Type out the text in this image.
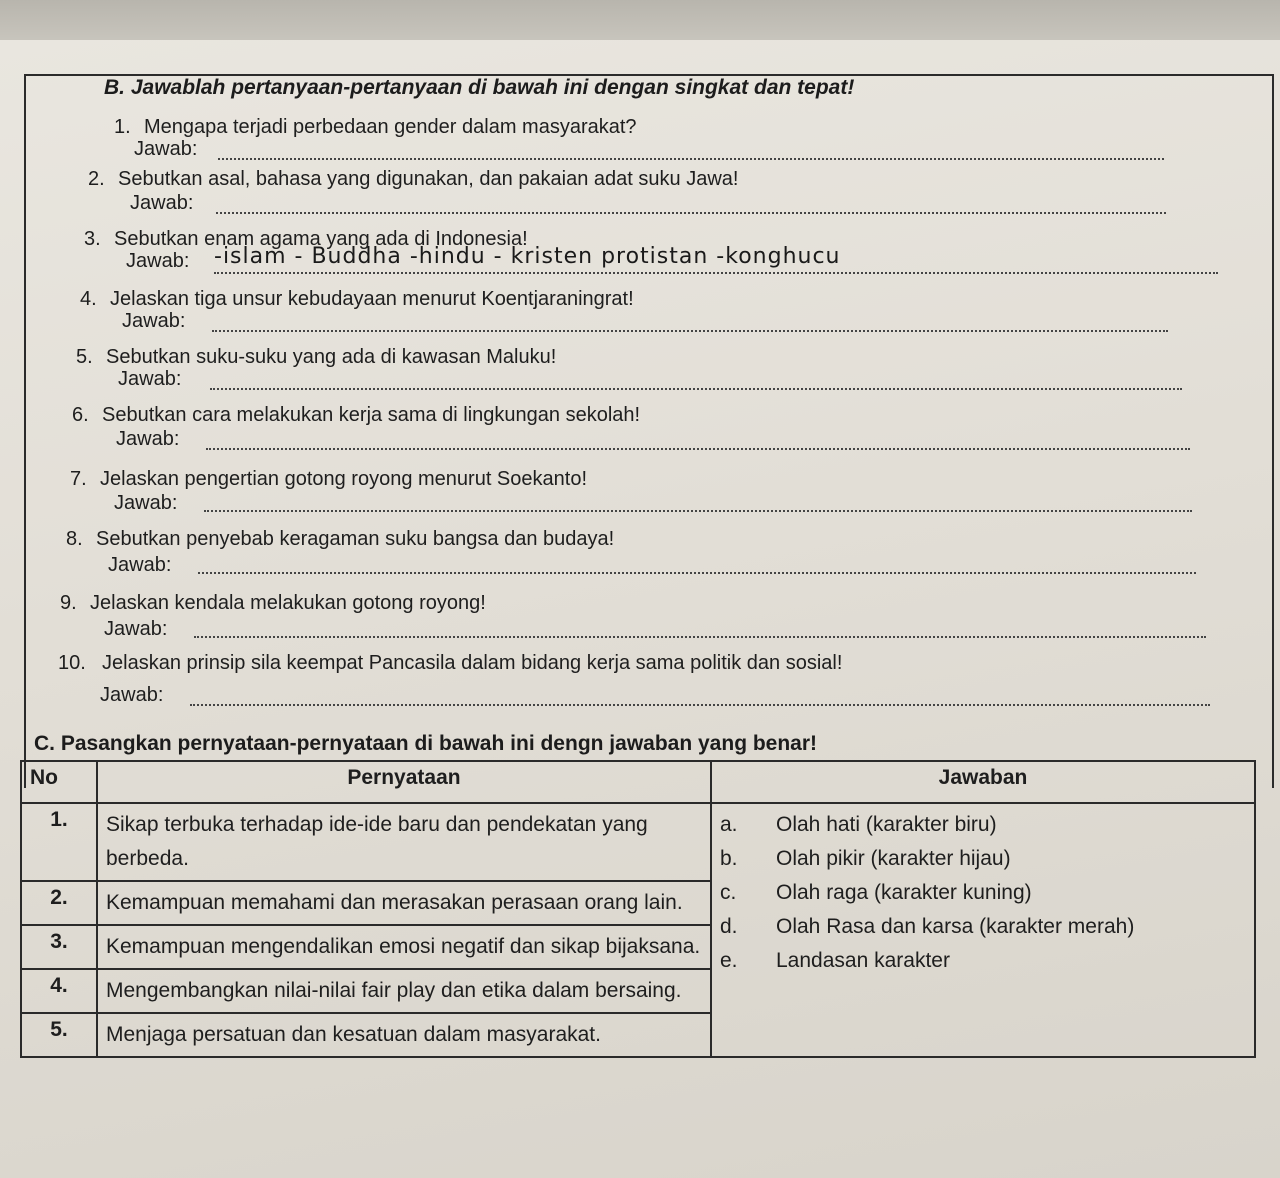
B. Jawablah pertanyaan-pertanyaan di bawah ini dengan singkat dan tepat!
1. Mengapa terjadi perbedaan gender dalam masyarakat?
Jawab:
2. Sebutkan asal, bahasa yang digunakan, dan pakaian adat suku Jawa!
Jawab:
3. Sebutkan enam agama yang ada di Indonesia!
Jawab: -islam - Buddha -hindu - kristen protistan -konghucu
4. Jelaskan tiga unsur kebudayaan menurut Koentjaraningrat!
Jawab:
5. Sebutkan suku-suku yang ada di kawasan Maluku!
Jawab:
6. Sebutkan cara melakukan kerja sama di lingkungan sekolah!
Jawab:
7. Jelaskan pengertian gotong royong menurut Soekanto!
Jawab:
8. Sebutkan penyebab keragaman suku bangsa dan budaya!
Jawab:
9. Jelaskan kendala melakukan gotong royong!
Jawab:
10. Jelaskan prinsip sila keempat Pancasila dalam bidang kerja sama politik dan sosial!
Jawab:
C. Pasangkan pernyataan-pernyataan di bawah ini dengn jawaban yang benar!
No	Pernyataan	Jawaban
1.	Sikap terbuka terhadap ide-ide baru dan pendekatan yang berbeda.	a. Olah hati (karakter biru)
b. Olah pikir (karakter hijau)
c. Olah raga (karakter kuning)
d. Olah Rasa dan karsa (karakter merah)
e. Landasan karakter

2.	Kemampuan memahami dan merasakan perasaan orang lain.	
3.	Kemampuan mengendalikan emosi negatif dan sikap bijaksana.	
4.	Mengembangkan nilai-nilai fair play dan etika dalam bersaing.	
5.	Menjaga persatuan dan kesatuan dalam masyarakat.	
